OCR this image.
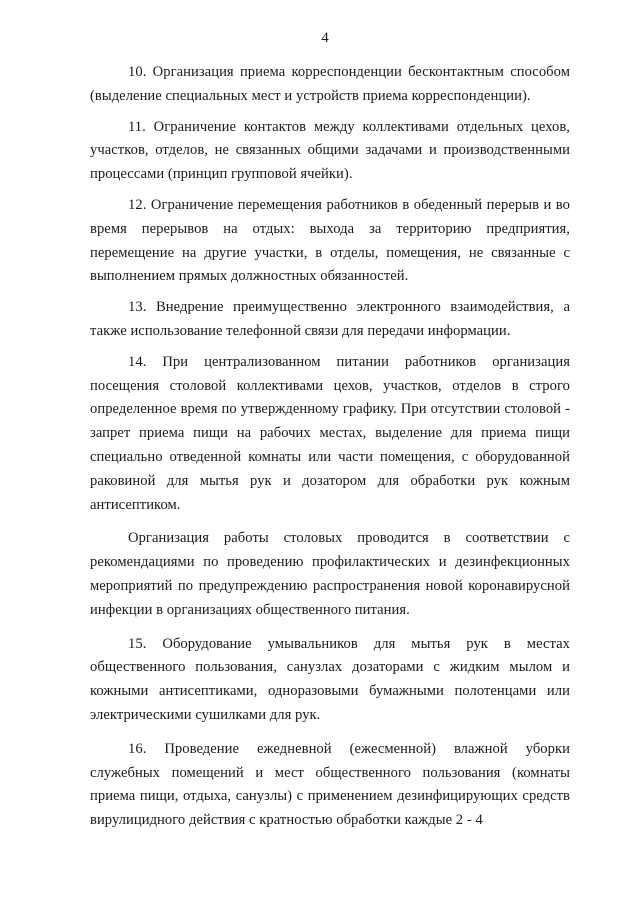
4

10. Организация приема корреспонденции бесконтактным способом (выделение специальных мест и устройств приема корреспонденции).

11. Ограничение контактов между коллективами отдельных цехов, участков, отделов, не связанных общими задачами и производственными процессами (принцип групповой ячейки).

12. Ограничение перемещения работников в обеденный перерыв и во время перерывов на отдых: выхода за территорию предприятия, перемещение на другие участки, в отделы, помещения, не связанные с выполнением прямых должностных обязанностей.

13. Внедрение преимущественно электронного взаимодействия, а также использование телефонной связи для передачи информации.

14. При централизованном питании работников организация посещения столовой коллективами цехов, участков, отделов в строго определенное время по утвержденному графику. При отсутствии столовой - запрет приема пищи на рабочих местах, выделение для приема пищи специально отведенной комнаты или части помещения, с оборудованной раковиной для мытья рук и дозатором для обработки рук кожным антисептиком.

Организация работы столовых проводится в соответствии с рекомендациями по проведению профилактических и дезинфекционных мероприятий по предупреждению распространения новой коронавирусной инфекции в организациях общественного питания.

15. Оборудование умывальников для мытья рук в местах общественного пользования, санузлах дозаторами с жидким мылом и кожными антисептиками, одноразовыми бумажными полотенцами или электрическими сушилками для рук.

16. Проведение ежедневной (ежесменной) влажной уборки служебных помещений и мест общественного пользования (комнаты приема пищи, отдыха, санузлы) с применением дезинфицирующих средств вирулицидного действия с кратностью обработки каждые 2 - 4
